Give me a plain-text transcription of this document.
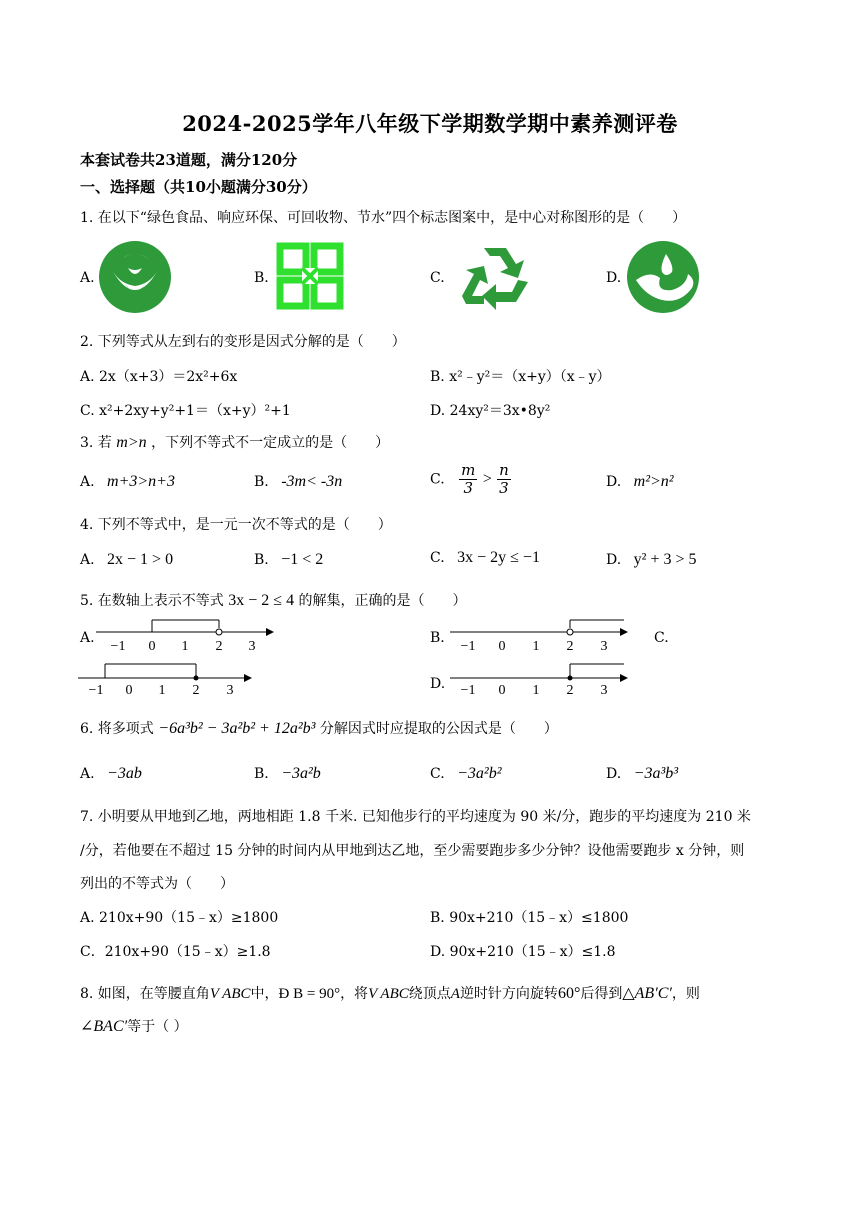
2024-2025学年八年级下学期数学期中素养测评卷
本套试卷共23道题，满分120分
一、选择题（共10小题满分30分）
1. 在以下“绿色食品、响应环保、可回收物、节水”四个标志图案中，是中心对称图形的是（　　）
A.	B.	C.	D.
2. 下列等式从左到右的变形是因式分解的是（　　）
A. 2x（x+3）＝2x²+6x	B. x²﹣y²＝（x+y）（x﹣y）
C. x²+2xy+y²+1＝（x+y）²+1	D. 24xy²＝3x•8y²
3. 若 m>n ，下列不等式不一定成立的是（　　）
A. m+3>n+3	B. -3m< -3n	C. $\frac{m}{3} > \frac{n}{3}$	D. m²>n²
4. 下列不等式中，是一元一次不等式的是（　　）
A. 2x − 1 > 0	B. −1 < 2	C. 3x − 2y ≤ −1	D. y² + 3 > 5
5. 在数轴上表示不等式 3x − 2 ≤ 4 的解集，正确的是（　　）
A.
−1 0 1 2 3
B.
−1 0 1 2 3
C.
−1 0 1 2 3	D. −1 0 1 2 3
6. 将多项式 −6a³b² − 3a²b² + 12a²b³ 分解因式时应提取的公因式是（　　）
A. −3ab	B. −3a²b	C. −3a²b²	D. −3a³b³
7. 小明要从甲地到乙地，两地相距 1.8 千米. 已知他步行的平均速度为 90 米/分，跑步的平均速度为 210 米
/分，若他要在不超过 15 分钟的时间内从甲地到达乙地，至少需要跑步多少分钟？设他需要跑步 x 分钟，则
列出的不等式为（　　）
A. 210x+90（15﹣x）≥1800	B. 90x+210（15﹣x）≤1800
C．210x+90（15﹣x）≥1.8	D. 90x+210（15﹣x）≤1.8
8. 如图，在等腰直角V ABC中，Ð B = 90°，将V ABC绕顶点A逆时针方向旋转60°后得到△AB′C′，则
∠BAC′等于（ ）
